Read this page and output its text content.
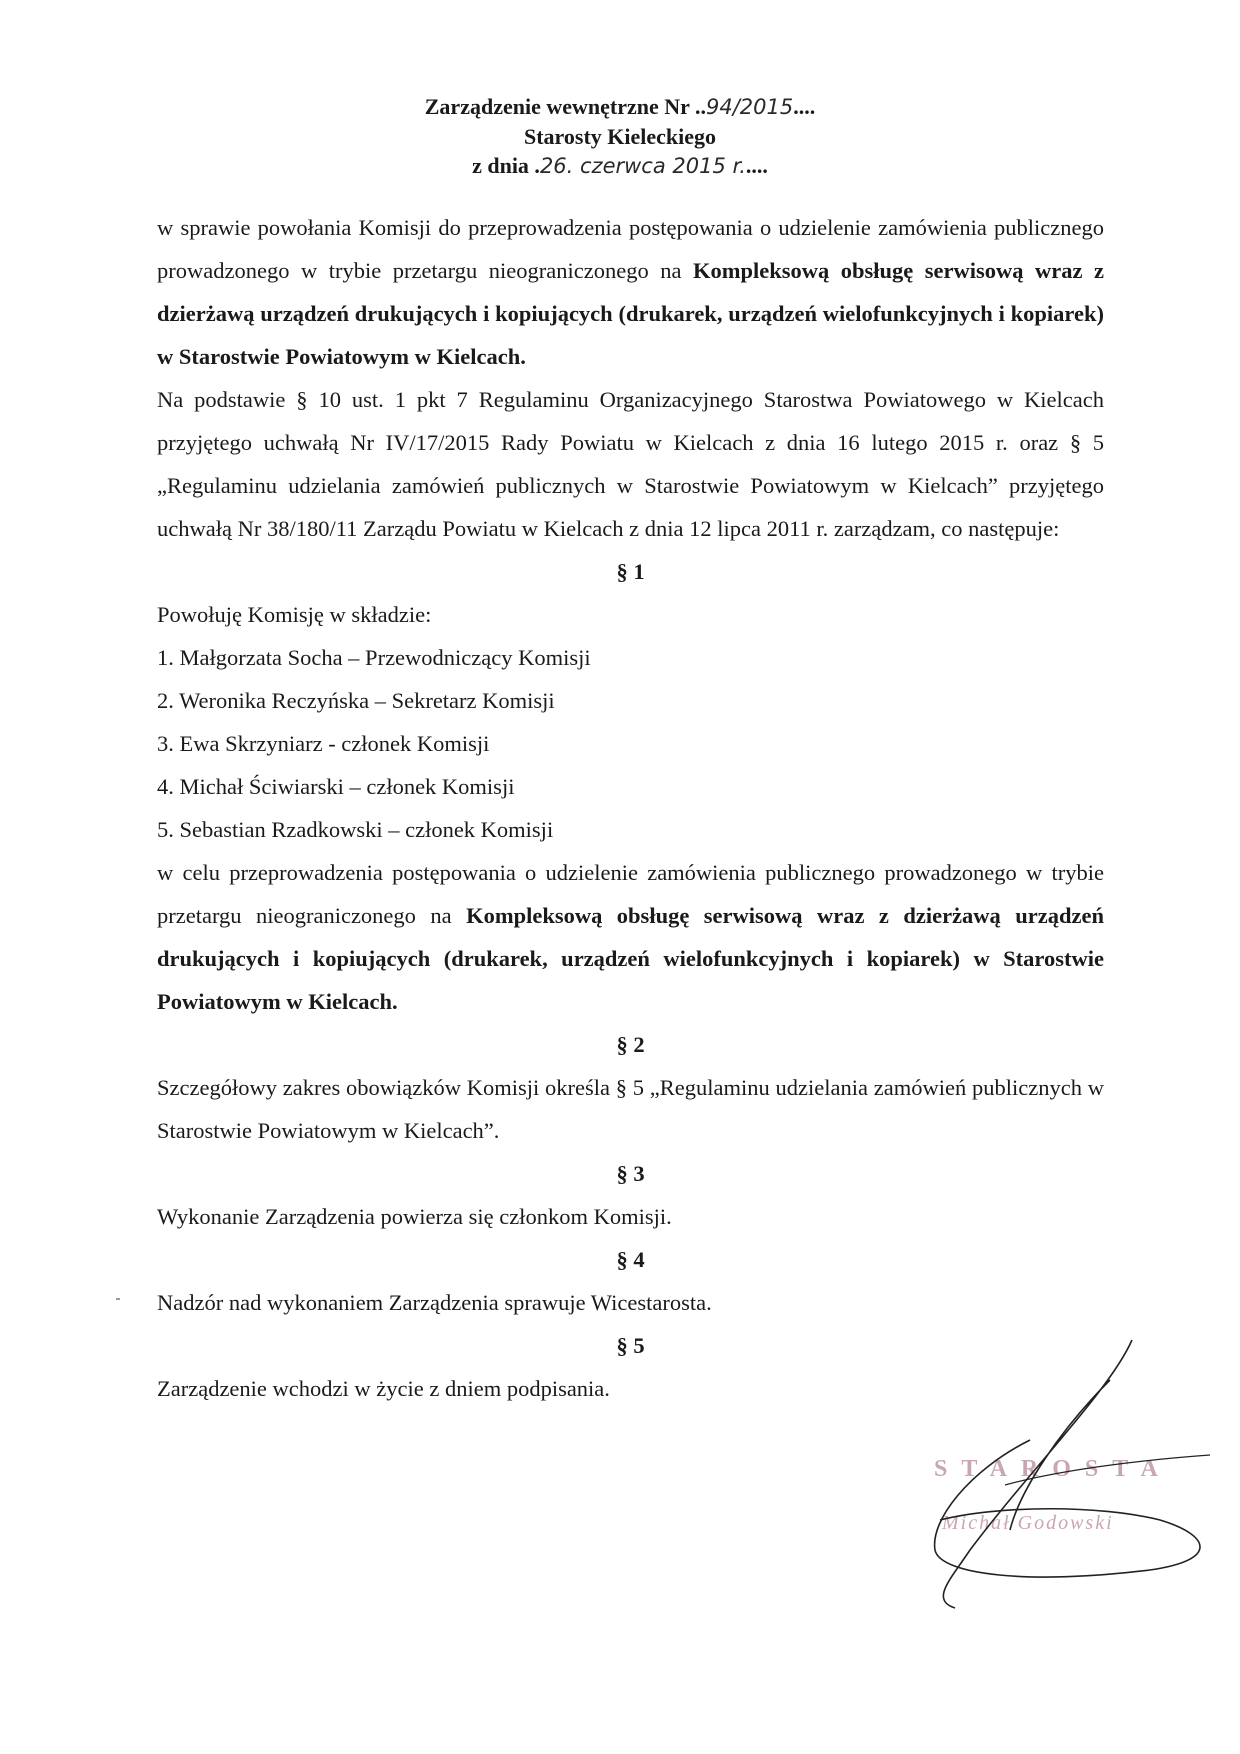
Zarządzenie wewnętrzne Nr ..94/2015....
Starosty Kieleckiego
z dnia .26. czerwca 2015 r.....

w sprawie powołania Komisji do przeprowadzenia postępowania o udzielenie zamówienia publicznego prowadzonego w trybie przetargu nieograniczonego na Kompleksową obsługę serwisową wraz z dzierżawą urządzeń drukujących i kopiujących (drukarek, urządzeń wielofunkcyjnych i kopiarek) w Starostwie Powiatowym w Kielcach.

Na podstawie § 10 ust. 1 pkt 7 Regulaminu Organizacyjnego Starostwa Powiatowego w Kielcach przyjętego uchwałą Nr IV/17/2015 Rady Powiatu w Kielcach z dnia 16 lutego 2015 r. oraz § 5 „Regulaminu udzielania zamówień publicznych w Starostwie Powiatowym w Kielcach” przyjętego uchwałą Nr 38/180/11 Zarządu Powiatu w Kielcach z dnia 12 lipca 2011 r. zarządzam, co następuje:

§ 1

Powołuję Komisję w składzie:

1. Małgorzata Socha – Przewodniczący Komisji
2. Weronika Reczyńska – Sekretarz Komisji
3. Ewa Skrzyniarz - członek Komisji
4. Michał Ściwiarski – członek Komisji
5. Sebastian Rzadkowski – członek Komisji

w celu przeprowadzenia postępowania o udzielenie zamówienia publicznego prowadzonego w trybie przetargu nieograniczonego na Kompleksową obsługę serwisową wraz z dzierżawą urządzeń drukujących i kopiujących (drukarek, urządzeń wielofunkcyjnych i kopiarek) w Starostwie Powiatowym w Kielcach.

§ 2

Szczegółowy zakres obowiązków Komisji określa § 5 „Regulaminu udzielania zamówień publicznych w Starostwie Powiatowym w Kielcach”.

§ 3

Wykonanie Zarządzenia powierza się członkom Komisji.

§ 4

Nadzór nad wykonaniem Zarządzenia sprawuje Wicestarosta.

§ 5

Zarządzenie wchodzi w życie z dniem podpisania.

STAROSTA
Michał Godowski
